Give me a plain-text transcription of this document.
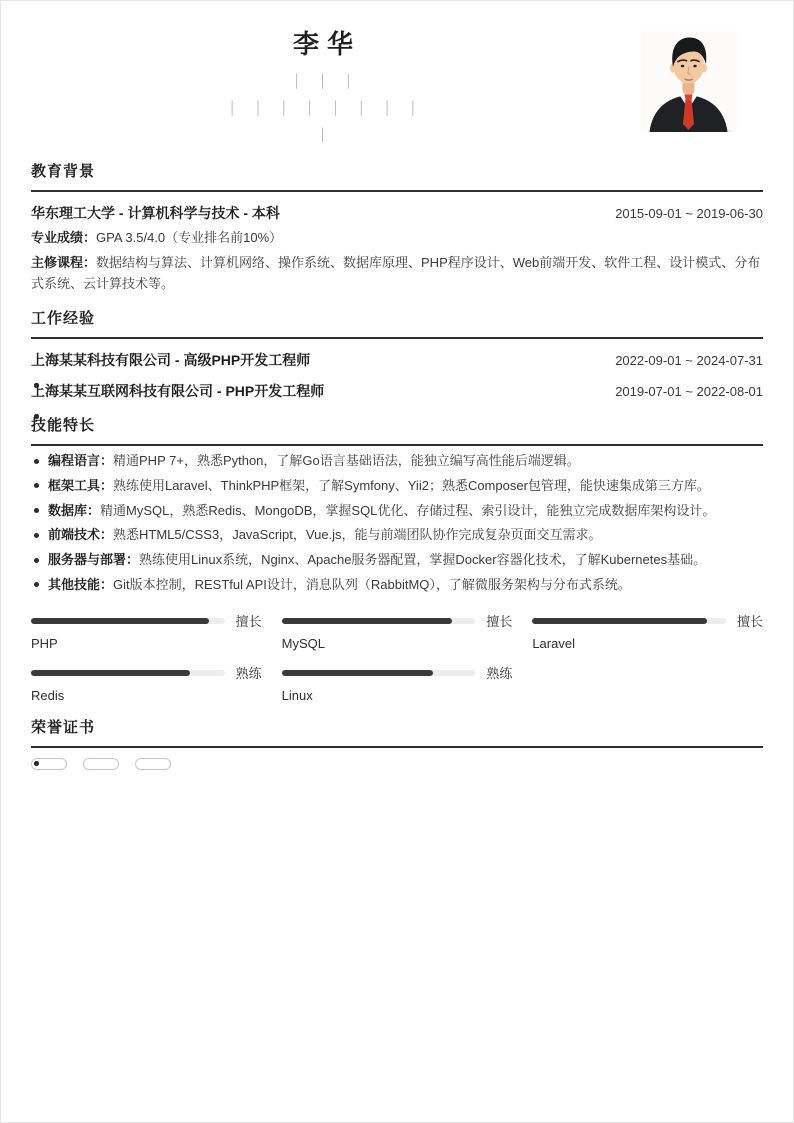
李华
│ │ │
│ │ │ │ │ │ │ │
│
教育背景
华东理工大学 - 计算机科学与技术 - 本科	2015-09-01 ~ 2019-06-30
专业成绩：GPA 3.5/4.0（专业排名前10%）
主修课程：数据结构与算法、计算机网络、操作系统、数据库原理、PHP程序设计、Web前端开发、软件工程、设计模式、分布式系统、云计算技术等。
工作经验
上海某某科技有限公司 - 高级PHP开发工程师	2022-09-01 ~ 2024-07-31
上海某某互联网科技有限公司 - PHP开发工程师	2019-07-01 ~ 2022-08-01
技能特长
编程语言：精通PHP 7+，熟悉Python，了解Go语言基础语法，能独立编写高性能后端逻辑。
框架工具：熟练使用Laravel、ThinkPHP框架，了解Symfony、Yii2；熟悉Composer包管理，能快速集成第三方库。
数据库：精通MySQL，熟悉Redis、MongoDB，掌握SQL优化、存储过程、索引设计，能独立完成数据库架构设计。
前端技术：熟悉HTML5/CSS3，JavaScript，Vue.js，能与前端团队协作完成复杂页面交互需求。
服务器与部署：熟练使用Linux系统，Nginx、Apache服务器配置，掌握Docker容器化技术，了解Kubernetes基础。
其他技能：Git版本控制，RESTful API设计，消息队列（RabbitMQ），了解微服务架构与分布式系统。
擅长
PHP
擅长
MySQL
擅长
Laravel
熟练
Redis
熟练
Linux
荣誉证书
